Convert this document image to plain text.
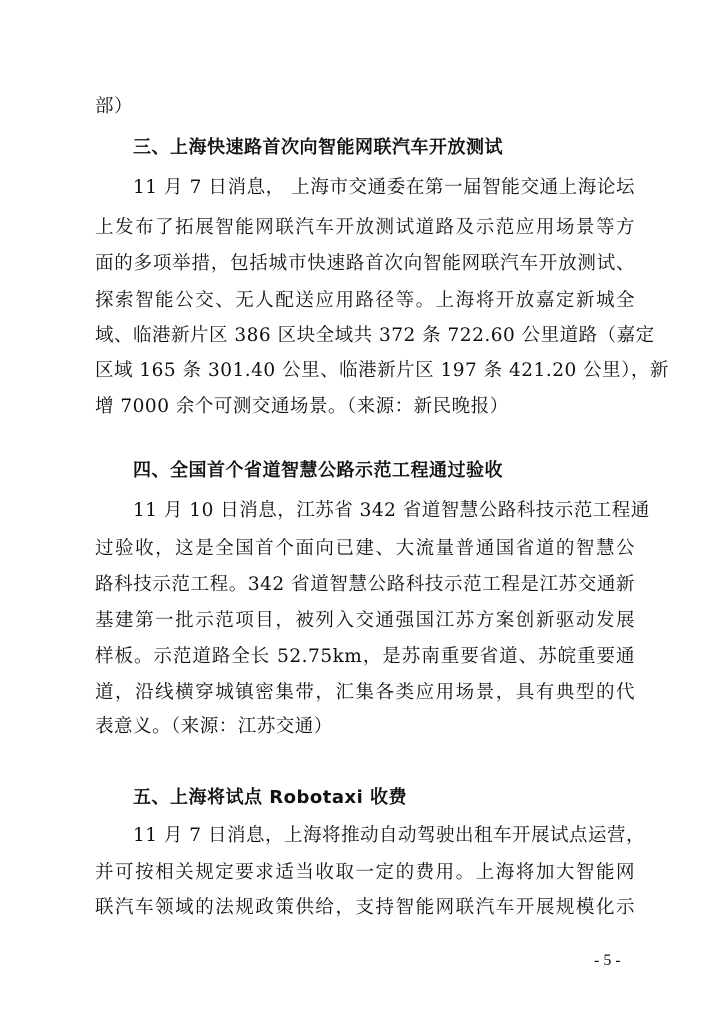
部）
三、上海快速路首次向智能网联汽车开放测试
11 月 7 日消息， 上海市交通委在第一届智能交通上海论坛
上发布了拓展智能网联汽车开放测试道路及示范应用场景等方
面的多项举措，包括城市快速路首次向智能网联汽车开放测试、
探索智能公交、无人配送应用路径等。上海将开放嘉定新城全
域、临港新片区 386 区块全域共 372 条 722.60 公里道路（嘉定
区域 165 条 301.40 公里、临港新片区 197 条 421.20 公里），新
增 7000 余个可测交通场景。（来源：新民晚报）
四、全国首个省道智慧公路示范工程通过验收
11 月 10 日消息，江苏省 342 省道智慧公路科技示范工程通
过验收，这是全国首个面向已建、大流量普通国省道的智慧公
路科技示范工程。342 省道智慧公路科技示范工程是江苏交通新
基建第一批示范项目，被列入交通强国江苏方案创新驱动发展
样板。示范道路全长 52.75km，是苏南重要省道、苏皖重要通
道，沿线横穿城镇密集带，汇集各类应用场景，具有典型的代
表意义。（来源：江苏交通）
五、上海将试点 Robotaxi 收费
11 月 7 日消息，上海将推动自动驾驶出租车开展试点运营，
并可按相关规定要求适当收取一定的费用。上海将加大智能网
联汽车领域的法规政策供给，支持智能网联汽车开展规模化示
- 5 -
